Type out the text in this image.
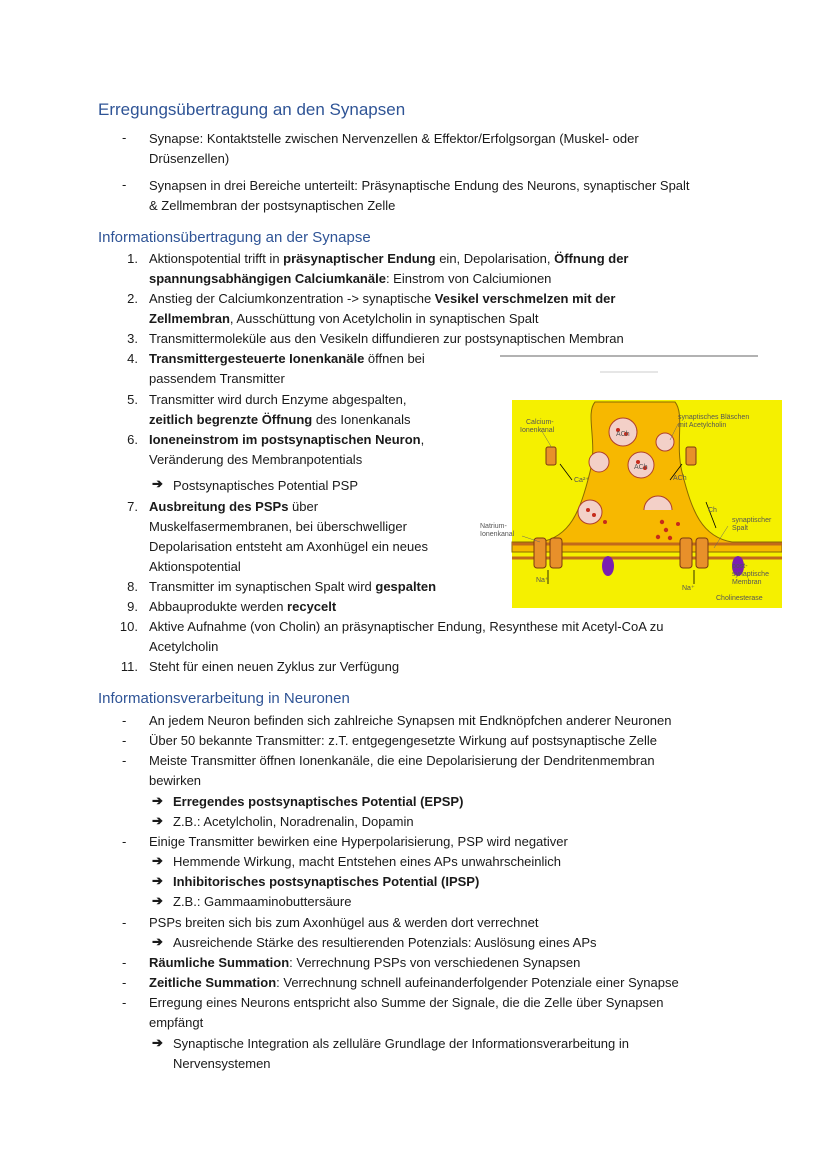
Erregungsübertragung an den Synapsen
- Synapse: Kontaktstelle zwischen Nervenzellen & Effektor/Erfolgsorgan (Muskel- oder
Drüsenzellen)
- Synapsen in drei Bereiche unterteilt: Präsynaptische Endung des Neurons, synaptischer Spalt
& Zellmembran der postsynaptischen Zelle
Informationsübertragung an der Synapse
1. Aktionspotential trifft in präsynaptischer Endung ein, Depolarisation, Öffnung der
spannungsabhängigen Calciumkanäle: Einstrom von Calciumionen
2. Anstieg der Calciumkonzentration -> synaptische Vesikel verschmelzen mit der
Zellmembran, Ausschüttung von Acetylcholin in synaptischen Spalt
3. Transmittermoleküle aus den Vesikeln diffundieren zur postsynaptischen Membran
4. Transmittergesteuerte Ionenkanäle öffnen bei
passendem Transmitter
5. Transmitter wird durch Enzyme abgespalten,
zeitlich begrenzte Öffnung des Ionenkanals
6. Ioneneinstrom im postsynaptischen Neuron,
Veränderung des Membranpotentials
➔ Postsynaptisches Potential PSP
7. Ausbreitung des PSPs über
Muskelfasermembranen, bei überschwelliger
Depolarisation entsteht am Axonhügel ein neues
Aktionspotential
8. Transmitter im synaptischen Spalt wird gespalten
9. Abbauprodukte werden recycelt
10. Aktive Aufnahme (von Cholin) an präsynaptischer Endung, Resynthese mit Acetyl-CoA zu
Acetylcholin
11. Steht für einen neuen Zyklus zur Verfügung
Calcium-
Ionenkanal
synaptisches Bläschen
mit Acetylcholin
Natrium-
Ionenkanal
synaptischer
Spalt
post-
synaptische
Membran
Cholinesterase
ACh
ACh
ACh
Ca²⁺
Ch
Na⁺
Na⁺
Informationsverarbeitung in Neuronen
- An jedem Neuron befinden sich zahlreiche Synapsen mit Endknöpfchen anderer Neuronen
- Über 50 bekannte Transmitter: z.T. entgegengesetzte Wirkung auf postsynaptische Zelle
- Meiste Transmitter öffnen Ionenkanäle, die eine Depolarisierung der Dendritenmembran
bewirken
➔ Erregendes postsynaptisches Potential (EPSP)
➔ Z.B.: Acetylcholin, Noradrenalin, Dopamin
- Einige Transmitter bewirken eine Hyperpolarisierung, PSP wird negativer
➔ Hemmende Wirkung, macht Entstehen eines APs unwahrscheinlich
➔ Inhibitorisches postsynaptisches Potential (IPSP)
➔ Z.B.: Gammaaminobuttersäure
- PSPs breiten sich bis zum Axonhügel aus & werden dort verrechnet
➔ Ausreichende Stärke des resultierenden Potenzials: Auslösung eines APs
- Räumliche Summation: Verrechnung PSPs von verschiedenen Synapsen
- Zeitliche Summation: Verrechnung schnell aufeinanderfolgender Potenziale einer Synapse
- Erregung eines Neurons entspricht also Summe der Signale, die die Zelle über Synapsen
empfängt
➔ Synaptische Integration als zelluläre Grundlage der Informationsverarbeitung in
Nervensystemen
